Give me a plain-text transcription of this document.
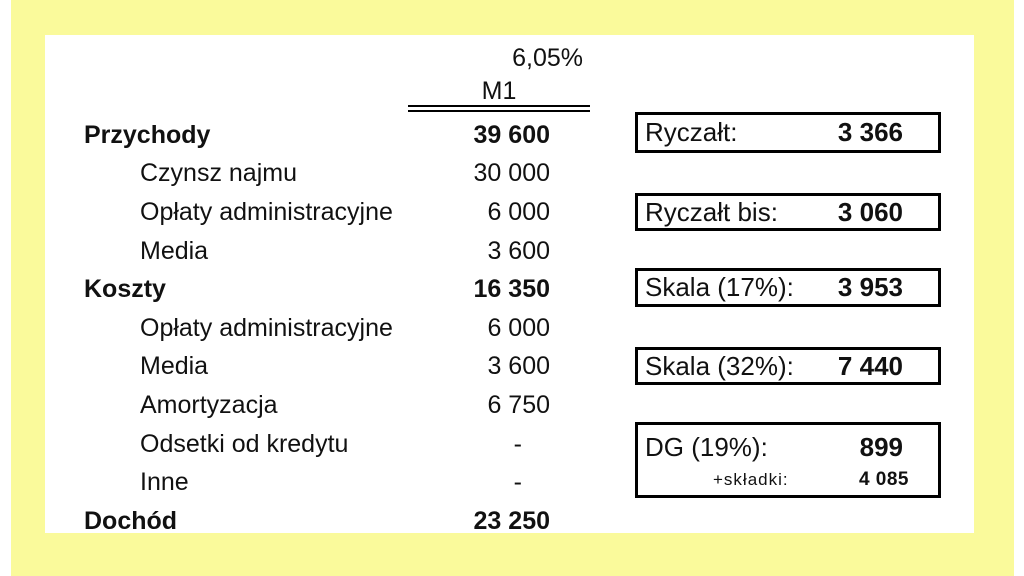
6,05%
M1
Przychody	39 600
Czynsz najmu	30 000
Opłaty administracyjne	6 000
Media	3 600
Koszty	16 350
Opłaty administracyjne	6 000
Media	3 600
Amortyzacja	6 750
Odsetki od kredytu	-
Inne	-
Dochód	23 250
Ryczałt:	3 366
Ryczałt bis: 3 060
Skala (17%): 3 953
Skala (32%): 7 440
DG (19%):	899
+składki:	4 085
